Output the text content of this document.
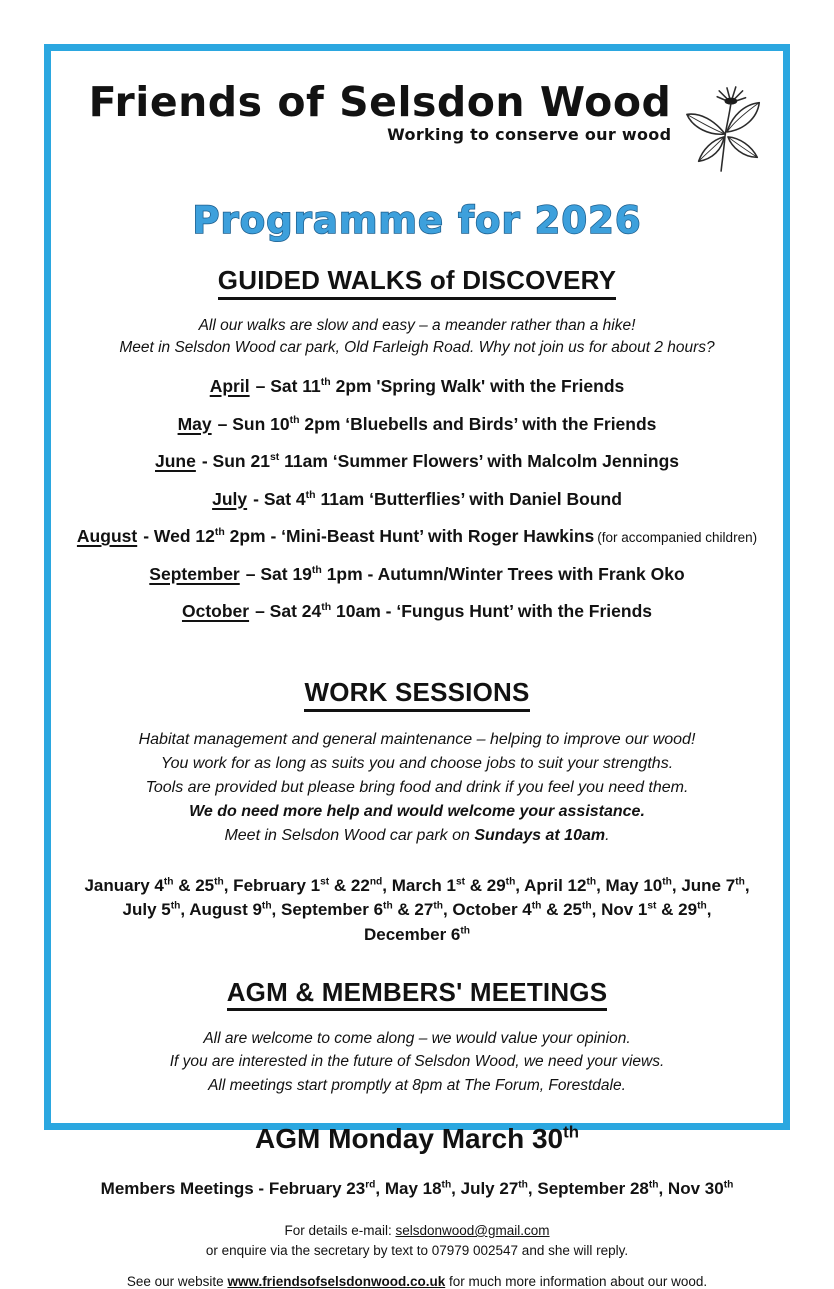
Friends of Selsdon Wood
Working to conserve our wood
Programme for 2026
GUIDED WALKS of DISCOVERY
All our walks are slow and easy – a meander rather than a hike!
Meet in Selsdon Wood car park, Old Farleigh Road. Why not join us for about 2 hours?
April – Sat 11th 2pm 'Spring Walk' with the Friends
May – Sun 10th 2pm ‘Bluebells and Birds’ with the Friends
June - Sun 21st 11am ‘Summer Flowers’ with Malcolm Jennings
July - Sat 4th 11am ‘Butterflies’ with Daniel Bound
August - Wed 12th 2pm - ‘Mini-Beast Hunt’ with Roger Hawkins (for accompanied children)
September – Sat 19th 1pm - Autumn/Winter Trees with Frank Oko
October – Sat 24th 10am - ‘Fungus Hunt’ with the Friends
WORK SESSIONS
Habitat management and general maintenance – helping to improve our wood!
You work for as long as suits you and choose jobs to suit your strengths.
Tools are provided but please bring food and drink if you feel you need them.
We do need more help and would welcome your assistance.
Meet in Selsdon Wood car park on Sundays at 10am.
January 4th & 25th, February 1st & 22nd, March 1st & 29th, April 12th, May 10th, June 7th,
July 5th, August 9th, September 6th & 27th, October 4th & 25th, Nov 1st & 29th,
December 6th
AGM & MEMBERS' MEETINGS
All are welcome to come along – we would value your opinion.
If you are interested in the future of Selsdon Wood, we need your views.
All meetings start promptly at 8pm at The Forum, Forestdale.
AGM Monday March 30th
Members Meetings - February 23rd, May 18th, July 27th, September 28th, Nov 30th
For details e-mail: selsdonwood@gmail.com
or enquire via the secretary by text to 07979 002547 and she will reply.
See our website www.friendsofselsdonwood.co.uk for much more information about our wood.
